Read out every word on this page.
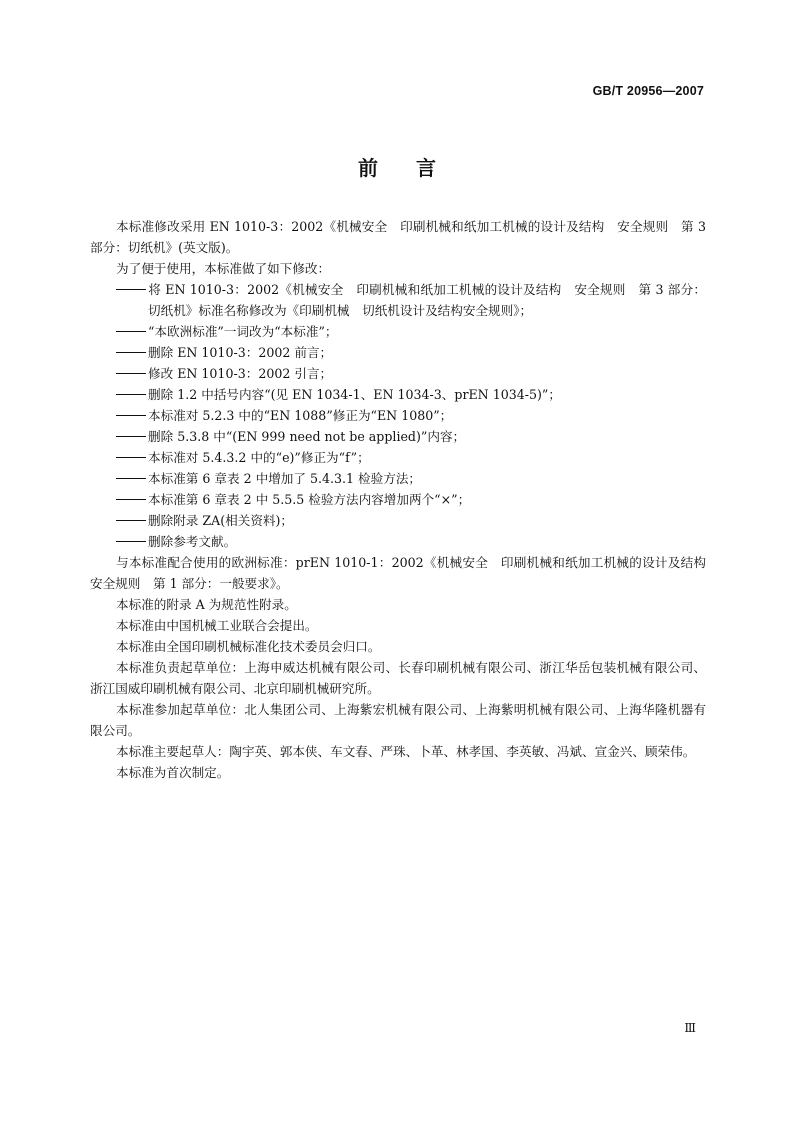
GB/T 20956—2007
前言

本标准修改采用 EN 1010-3：2002《机械安全　印刷机械和纸加工机械的设计及结构　安全规则　第 3 部分：切纸机》(英文版)。

为了便于使用，本标准做了如下修改：

将 EN 1010-3：2002《机械安全　印刷机械和纸加工机械的设计及结构　安全规则　第 3 部分：切纸机》标准名称修改为《印刷机械　切纸机设计及结构安全规则》；

“本欧洲标准”一词改为“本标准”；

删除 EN 1010-3：2002 前言；

修改 EN 1010-3：2002 引言；

删除 1.2 中括号内容“(见 EN 1034-1、EN 1034-3、prEN 1034-5)”；

本标准对 5.2.3 中的“EN 1088”修正为“EN 1080”；

删除 5.3.8 中“(EN 999 need not be applied)”内容；

本标准对 5.4.3.2 中的“e)”修正为“f”；

本标准第 6 章表 2 中增加了 5.4.3.1 检验方法；

本标准第 6 章表 2 中 5.5.5 检验方法内容增加两个“×”；

删除附录 ZA(相关资料)；

删除参考文献。

与本标准配合使用的欧洲标准：prEN 1010-1：2002《机械安全　印刷机械和纸加工机械的设计及结构　安全规则　第 1 部分：一般要求》。

本标准的附录 A 为规范性附录。

本标准由中国机械工业联合会提出。

本标准由全国印刷机械标准化技术委员会归口。

本标准负责起草单位：上海申威达机械有限公司、长春印刷机械有限公司、浙江华岳包装机械有限公司、浙江国威印刷机械有限公司、北京印刷机械研究所。

本标准参加起草单位：北人集团公司、上海紫宏机械有限公司、上海紫明机械有限公司、上海华隆机器有限公司。

本标准主要起草人：陶宇英、郭本侠、车文春、严珠、卜革、林孝国、李英敏、冯斌、宣金兴、顾荣伟。

本标准为首次制定。

Ⅲ
